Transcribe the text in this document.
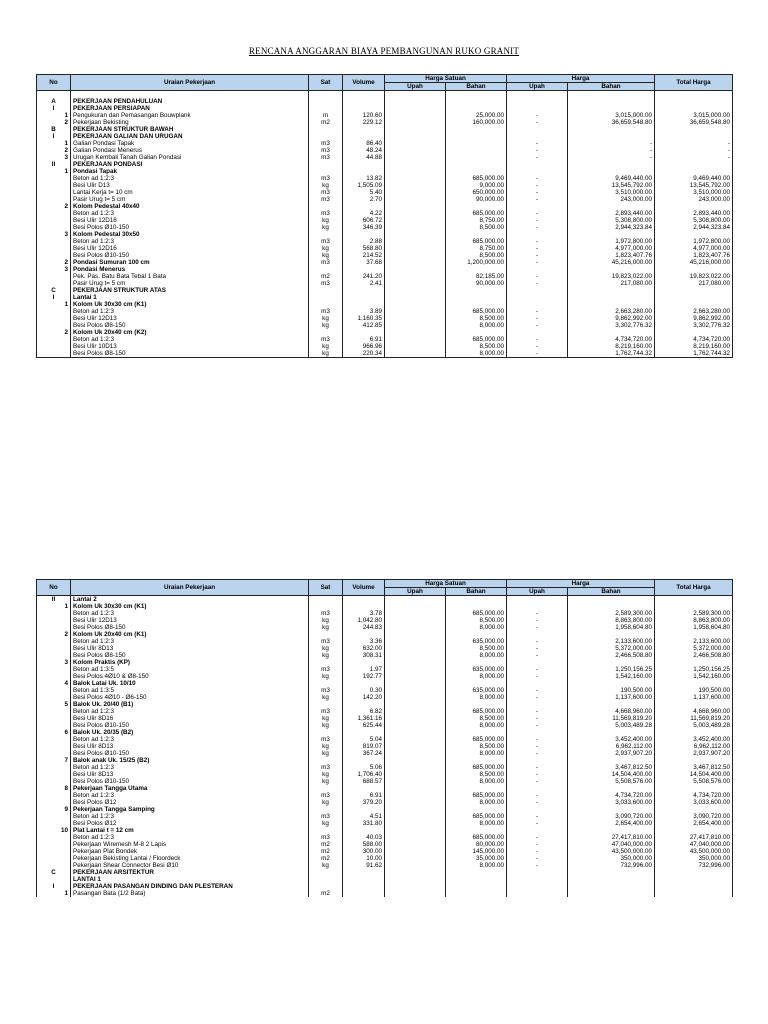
RENCANA ANGGARAN BIAYA PEMBANGUNAN RUKO GRANIT
No	Uraian Pekerjaan	Sat	Volume	Harga Satuan		Harga		Total Harga
				Upah	Bahan	Upah	Bahan	

A	PEKERJAAN PENDAHULUAN							
I	PEKERJAAN PERSIAPAN							
1	Pengukuran dan Pemasangan Bouwplank	m	120.60		25,000.00	-	3,015,000.00	3,015,000.00
2	Pekerjaan Bekisting	m2	229.12		160,000.00	-	36,659,548.80	36,659,548.80
B	PEKERJAAN STRUKTUR BAWAH							
I	PEKERJAAN GALIAN DAN URUGAN							
1	Galian Pondasi Tapak	m3	86.40			-	-	-
2	Galian Pondasi Menerus	m3	48.24			-	-	-
3	Urugan Kembali Tanah Galian Pondasi	m3	44.88			-	-	-
II	PEKERJAAN PONDASI							
1	Pondasi Tapak							
	Beton ad 1:2:3	m3	13.82		685,000.00	-	9,469,440.00	9,469,440.00
	Besi Ulir D13	kg	1,505.09		9,000.00	-	13,545,792.00	13,545,792.00
	Lantai Kerja t= 10 cm	m3	5.40		650,000.00	-	3,510,000.00	3,510,000.00
	Pasir Urug t= 5 cm	m3	2.70		90,000.00	-	243,000.00	243,000.00
2	Kolom Pedestal 40x40							
	Beton ad 1:2:3	m3	4.22		685,000.00	-	2,893,440.00	2,893,440.00
	Besi Ulir 12D16	kg	606.72		8,750.00	-	5,308,800.00	5,308,800.00
	Besi Polos Ø10-150	kg	346.39		8,500.00	-	2,944,323.84	2,944,323.84
3	Kolom Pedestal 30x50							
	Beton ad 1:2:3	m3	2.88		685,000.00	-	1,972,800.00	1,972,800.00
	Besi Ulir 12D16	kg	568.80		8,750.00	-	4,977,000.00	4,977,000.00
	Besi Polos Ø10-150	kg	214.52		8,500.00	-	1,823,407.76	1,823,407.76
2	Pondasi Sumuran 100 cm	m3	37.68		1,200,000.00	-	45,216,000.00	45,216,000.00
3	Pondasi Menerus							
	Pek. Pas. Batu Bata Tebal 1 Bata	m2	241.20		82,185.00	-	19,823,022.00	19,823,022.00
	Pasir Urug t= 5 cm	m3	2.41		90,000.00	-	217,080.00	217,080.00
C	PEKERJAAN STRUKTUR ATAS							
I	Lantai 1							
1	Kolom Uk 30x30 cm (K1)							
	Beton ad 1:2:3	m3	3.89		685,000.00	-	2,663,280.00	2,663,280.00
	Besi Ulir 12D13	kg	1,160.35		8,500.00	-	9,862,992.00	9,862,992.00
	Besi Polos Ø8-150	kg	412.85		8,000.00	-	3,302,776.32	3,302,776.32
2	Kolom Uk 20x40 cm (K2)							
	Beton ad 1:2:3	m3	6.91		685,000.00	-	4,734,720.00	4,734,720.00
	Besi Ulir 10D13	kg	966.96		8,500.00	-	8,219,160.00	8,219,160.00
	Besi Polos Ø8-150	kg	220.34		8,000.00	-	1,762,744.32	1,762,744.32
No	Uraian Pekerjaan	Sat	Volume	Harga Satuan		Harga		Total Harga
				Upah	Bahan	Upah	Bahan	
II	Lantai 2							
1	Kolom Uk 30x30 cm (K1)							
	Beton ad 1:2:3	m3	3.78		685,000.00	-	2,589,300.00	2,589,300.00
	Besi Ulir 12D13	kg	1,042.80		8,500.00	-	8,863,800.00	8,863,800.00
	Besi Polos Ø8-150	kg	244.83		8,000.00	-	1,958,604.80	1,958,604.80
2	Kolom Uk 20x40 cm (K1)							
	Beton ad 1:2:3	m3	3.36		635,000.00	-	2,133,600.00	2,133,600.00
	Besi Ulir 8D13	kg	632.00		8,500.00	-	5,372,000.00	5,372,000.00
	Besi Polos Ø8-150	kg	308.31		8,000.00	-	2,466,508.80	2,466,508.80
3	Kolom Praktis (KP)							
	Beton ad 1:3:5	m3	1.97		635,000.00	-	1,250,156.25	1,250,156.25
	Besi Polos 4Ø10 & Ø8-150	kg	192.77		8,000.00	-	1,542,160.00	1,542,160.00
4	Balok Latai Uk. 10/10							
	Beton ad 1:3:5	m3	0.30		635,000.00	-	190,500.00	190,500.00
	Besi Polos 4Ø10 - Ø6-150	kg	142.20		8,000.00	-	1,137,600.00	1,137,600.00
5	Balok Uk. 20/40 (B1)							
	Beton ad 1:2:3	m3	6.82		685,000.00	-	4,668,960.00	4,668,960.00
	Besi Ulir 8D16	kg	1,361.16		8,500.00	-	11,569,819.20	11,569,819.20
	Besi Polos Ø10-150	kg	625.44		8,000.00	-	5,003,489.28	5,003,489.28
6	Balok Uk. 20/35 (B2)							
	Beton ad 1:2:3	m3	5.04		685,000.00	-	3,452,400.00	3,452,400.00
	Besi Ulir 8D13	kg	819.07		8,500.00	-	6,962,112.00	6,962,112.00
	Besi Polos Ø10-150	kg	367.24		8,000.00	-	2,937,907.20	2,937,907.20
7	Balok anak Uk. 15/25 (B2)							
	Beton ad 1:2:3	m3	5.06		685,000.00	-	3,467,812.50	3,467,812.50
	Besi Ulir 8D13	kg	1,706.40		8,500.00	-	14,504,400.00	14,504,400.00
	Besi Polos Ø10-150	kg	688.57		8,000.00	-	5,508,576.00	5,508,576.00
8	Pekerjaan Tangga Utama							
	Beton ad 1:2:3	m3	6.91		685,000.00	-	4,734,720.00	4,734,720.00
	Besi Polos Ø12	kg	379.20		8,000.00	-	3,033,600.00	3,033,600.00
9	Pekerjaan Tangga Samping							
	Beton ad 1:2:3	m3	4.51		685,000.00	-	3,090,720.00	3,090,720.00
	Besi Polos Ø12	kg	331.80		8,000.00	-	2,654,400.00	2,654,400.00
10	Plat Lantai t = 12 cm							
	Beton ad 1:2:3	m3	40.03		685,000.00	-	27,417,810.00	27,417,810.00
	Pekerjaan Wiremesh M-8 2 Lapis	m2	588.00		80,000.00	-	47,040,000.00	47,040,000.00
	Pekerjaan Plat Bondek	m2	300.00		145,000.00	-	43,500,000.00	43,500,000.00
	Pekerjaan Bekisting Lantai / Floordeck	m2	10.00		35,000.00	-	350,000.00	350,000.00
	Pekerjaan Shear Connector Besi Ø10	kg	91.62		8,000.00	-	732,996.00	732,996.00
C	PEKERJAAN ARSITEKTUR							
	LANTAI 1							
I	PEKERJAAN PASANGAN DINDING DAN PLESTERAN							
1	Pasangan Bata (1/2 Bata)	m2						
